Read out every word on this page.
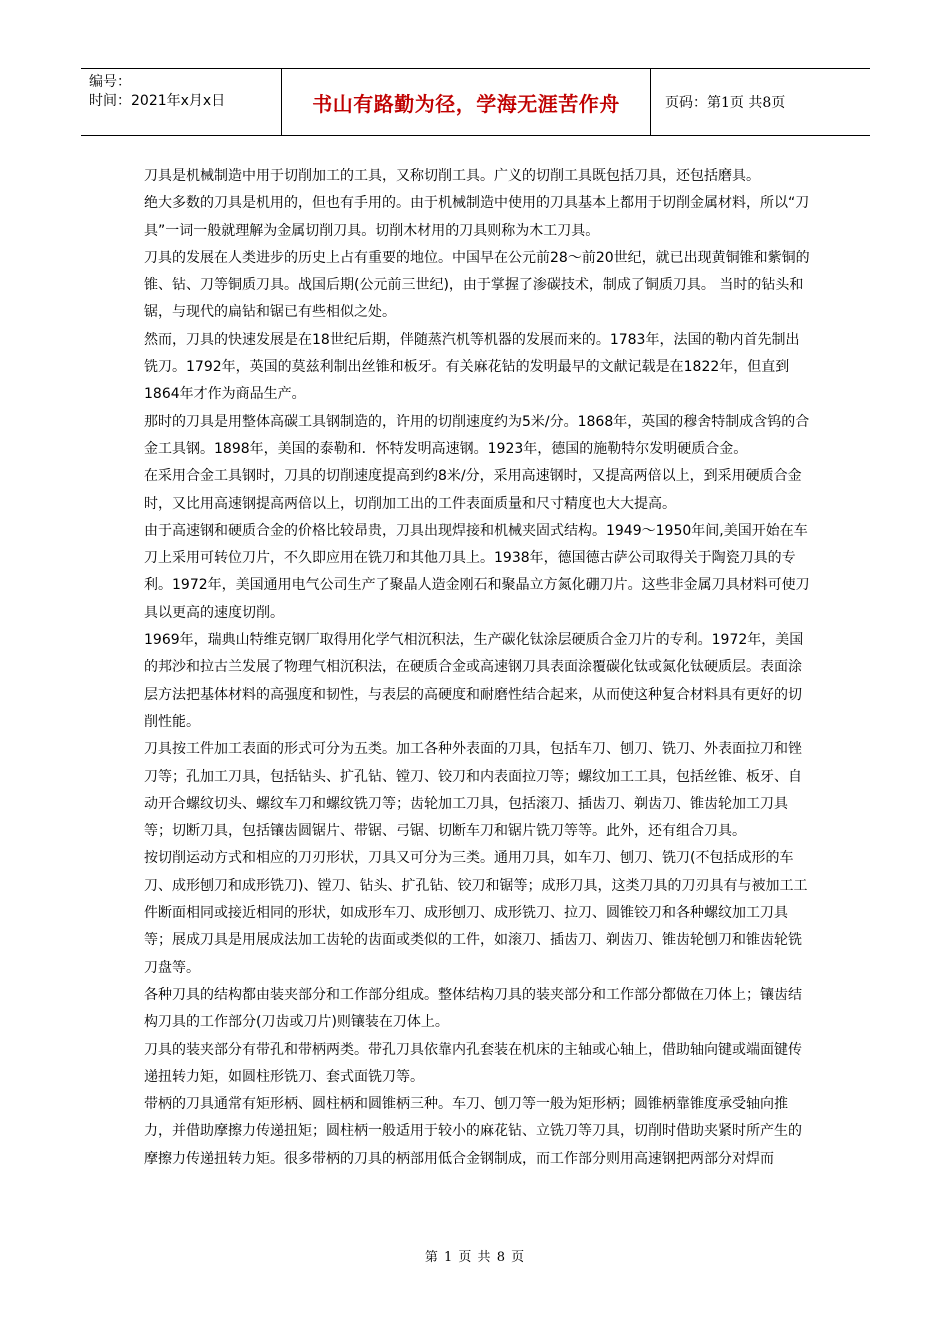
编号：
时间：2021年x月x日	书山有路勤为径，学海无涯苦作舟	页码：第1页 共8页

刀具是机械制造中用于切削加工的工具，又称切削工具。广义的切削工具既包括刀具，还包括磨具。

绝大多数的刀具是机用的，但也有手用的。由于机械制造中使用的刀具基本上都用于切削金属材料，所以“刀具”一词一般就理解为金属切削刀具。切削木材用的刀具则称为木工刀具。

刀具的发展在人类进步的历史上占有重要的地位。中国早在公元前28～前20世纪，就已出现黄铜锥和紫铜的锥、钻、刀等铜质刀具。战国后期(公元前三世纪)，由于掌握了渗碳技术，制成了铜质刀具。 当时的钻头和锯，与现代的扁钻和锯已有些相似之处。

然而，刀具的快速发展是在18世纪后期，伴随蒸汽机等机器的发展而来的。1783年，法国的勒内首先制出铣刀。1792年，英国的莫兹利制出丝锥和板牙。有关麻花钻的发明最早的文献记载是在1822年，但直到1864年才作为商品生产。

那时的刀具是用整体高碳工具钢制造的，许用的切削速度约为5米/分。1868年，英国的穆舍特制成含钨的合金工具钢。1898年，美国的泰勒和．怀特发明高速钢。1923年，德国的施勒特尔发明硬质合金。

在采用合金工具钢时，刀具的切削速度提高到约8米/分，采用高速钢时，又提高两倍以上，到采用硬质合金时，又比用高速钢提高两倍以上，切削加工出的工件表面质量和尺寸精度也大大提高。

由于高速钢和硬质合金的价格比较昂贵，刀具出现焊接和机械夹固式结构。1949～1950年间,美国开始在车刀上采用可转位刀片，不久即应用在铣刀和其他刀具上。1938年，德国德古萨公司取得关于陶瓷刀具的专利。1972年，美国通用电气公司生产了聚晶人造金刚石和聚晶立方氮化硼刀片。这些非金属刀具材料可使刀具以更高的速度切削。

1969年，瑞典山特维克钢厂取得用化学气相沉积法，生产碳化钛涂层硬质合金刀片的专利。1972年，美国的邦沙和拉古兰发展了物理气相沉积法，在硬质合金或高速钢刀具表面涂覆碳化钛或氮化钛硬质层。表面涂层方法把基体材料的高强度和韧性，与表层的高硬度和耐磨性结合起来，从而使这种复合材料具有更好的切削性能。

刀具按工件加工表面的形式可分为五类。加工各种外表面的刀具，包括车刀、刨刀、铣刀、外表面拉刀和锉刀等；孔加工刀具，包括钻头、扩孔钻、镗刀、铰刀和内表面拉刀等；螺纹加工工具，包括丝锥、板牙、自动开合螺纹切头、螺纹车刀和螺纹铣刀等；齿轮加工刀具，包括滚刀、插齿刀、剃齿刀、锥齿轮加工刀具等；切断刀具，包括镶齿圆锯片、带锯、弓锯、切断车刀和锯片铣刀等等。此外，还有组合刀具。

按切削运动方式和相应的刀刃形状，刀具又可分为三类。通用刀具，如车刀、刨刀、铣刀(不包括成形的车刀、成形刨刀和成形铣刀)、镗刀、钻头、扩孔钻、铰刀和锯等；成形刀具，这类刀具的刀刃具有与被加工工件断面相同或接近相同的形状，如成形车刀、成形刨刀、成形铣刀、拉刀、圆锥铰刀和各种螺纹加工刀具等；展成刀具是用展成法加工齿轮的齿面或类似的工件，如滚刀、插齿刀、剃齿刀、锥齿轮刨刀和锥齿轮铣刀盘等。

各种刀具的结构都由装夹部分和工作部分组成。整体结构刀具的装夹部分和工作部分都做在刀体上；镶齿结构刀具的工作部分(刀齿或刀片)则镶装在刀体上。

刀具的装夹部分有带孔和带柄两类。带孔刀具依靠内孔套装在机床的主轴或心轴上，借助轴向键或端面键传递扭转力矩，如圆柱形铣刀、套式面铣刀等。

带柄的刀具通常有矩形柄、圆柱柄和圆锥柄三种。车刀、刨刀等一般为矩形柄；圆锥柄靠锥度承受轴向推力，并借助摩擦力传递扭矩；圆柱柄一般适用于较小的麻花钻、立铣刀等刀具，切削时借助夹紧时所产生的摩擦力传递扭转力矩。很多带柄的刀具的柄部用低合金钢制成，而工作部分则用高速钢把两部分对焊而

第 1 页 共 8 页
